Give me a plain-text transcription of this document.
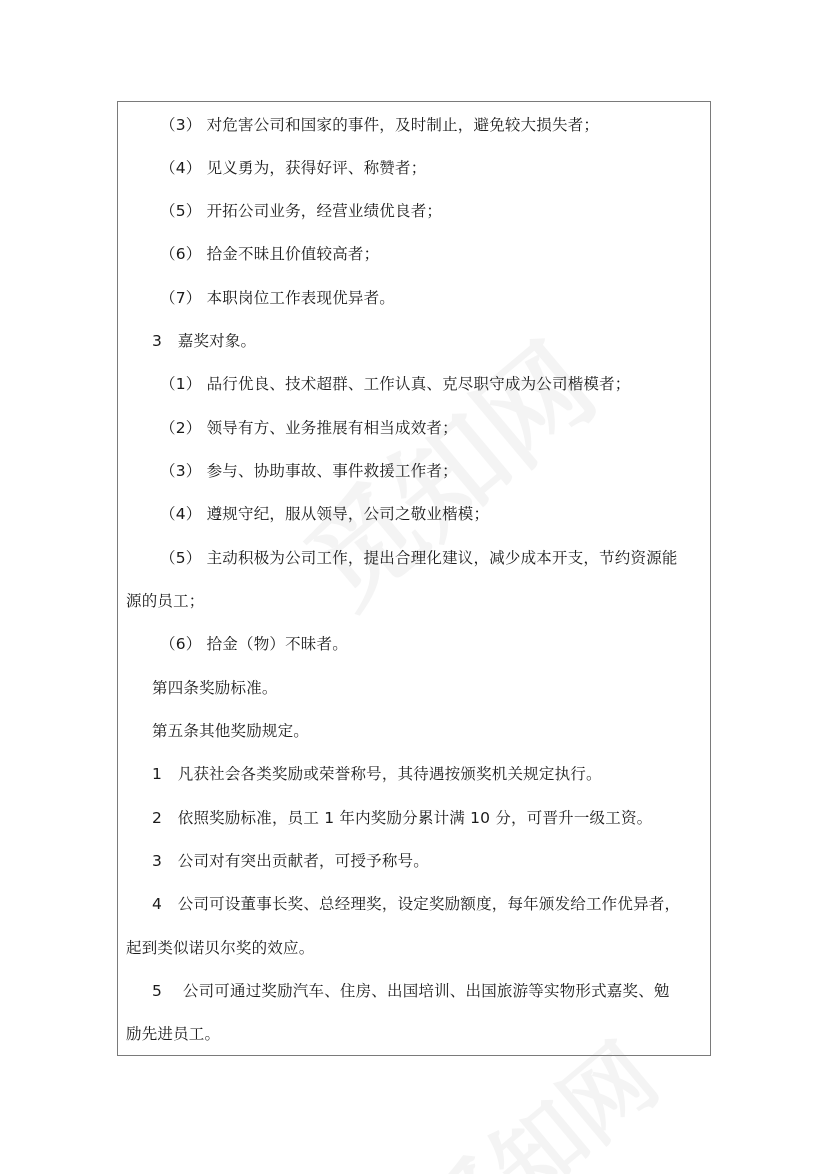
（3） 对危害公司和国家的事件，及时制止，避免较大损失者；
（4） 见义勇为，获得好评、称赞者；
（5） 开拓公司业务，经营业绩优良者；
（6） 拾金不昧且价值较高者；
（7） 本职岗位工作表现优异者。
3　嘉奖对象。
（1） 品行优良、技术超群、工作认真、克尽职守成为公司楷模者；
（2） 领导有方、业务推展有相当成效者；
（3） 参与、协助事故、事件救援工作者；
（4） 遵规守纪，服从领导，公司之敬业楷模；
（5） 主动积极为公司工作，提出合理化建议，减少成本开支，节约资源能
源的员工；
（6） 拾金（物）不昧者。
第四条奖励标准。
第五条其他奖励规定。
1　凡获社会各类奖励或荣誉称号，其待遇按颁奖机关规定执行。
2　依照奖励标准，员工 1 年内奖励分累计满 10 分，可晋升一级工资。
3　公司对有突出贡献者，可授予称号。
4　公司可设董事长奖、总经理奖，设定奖励额度，每年颁发给工作优异者，
起到类似诺贝尔奖的效应。
5　 公司可通过奖励汽车、住房、出国培训、出国旅游等实物形式嘉奖、勉
励先进员工。
